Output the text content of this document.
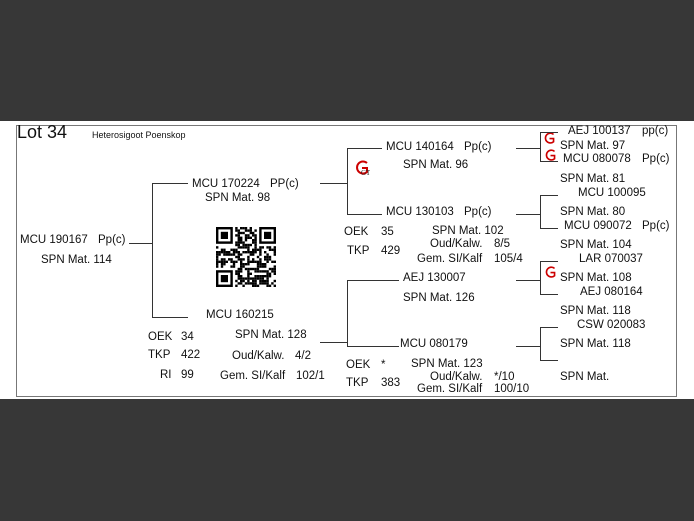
Lot 34	Heterosigoot Poenskop
MCU 190167 Pp(c)
SPN Mat. 114
MCU 170224 PP(c)
SPN Mat. 98
MCU 160215
SPN Mat. 128
OEK 34
TKP 422	Oud/Kalw. 4/2
RI 99 Gem. SI/Kalf 102/1
MCU 140164 Pp(c)
SPN Mat. 96
GT
MCU 130103 Pp(c)
SPN Mat. 102
OEK 35
TKP 429
Oud/Kalw. 8/5
Gem. SI/Kalf 105/4
AEJ 130007
SPN Mat. 126
MCU 080179
SPN Mat. 123
OEK *
TKP 383	Oud/Kalw. */10
Gem. SI/Kalf 100/10
AEJ 100137 pp(c)
SPN Mat. 97
MCU 080078 Pp(c)
SPN Mat. 81
MCU 100095
SPN Mat. 80
MCU 090072 Pp(c)
SPN Mat. 104
LAR 070037
SPN Mat. 108
AEJ 080164
SPN Mat. 118
CSW 020083
SPN Mat. 118
SPN Mat.
